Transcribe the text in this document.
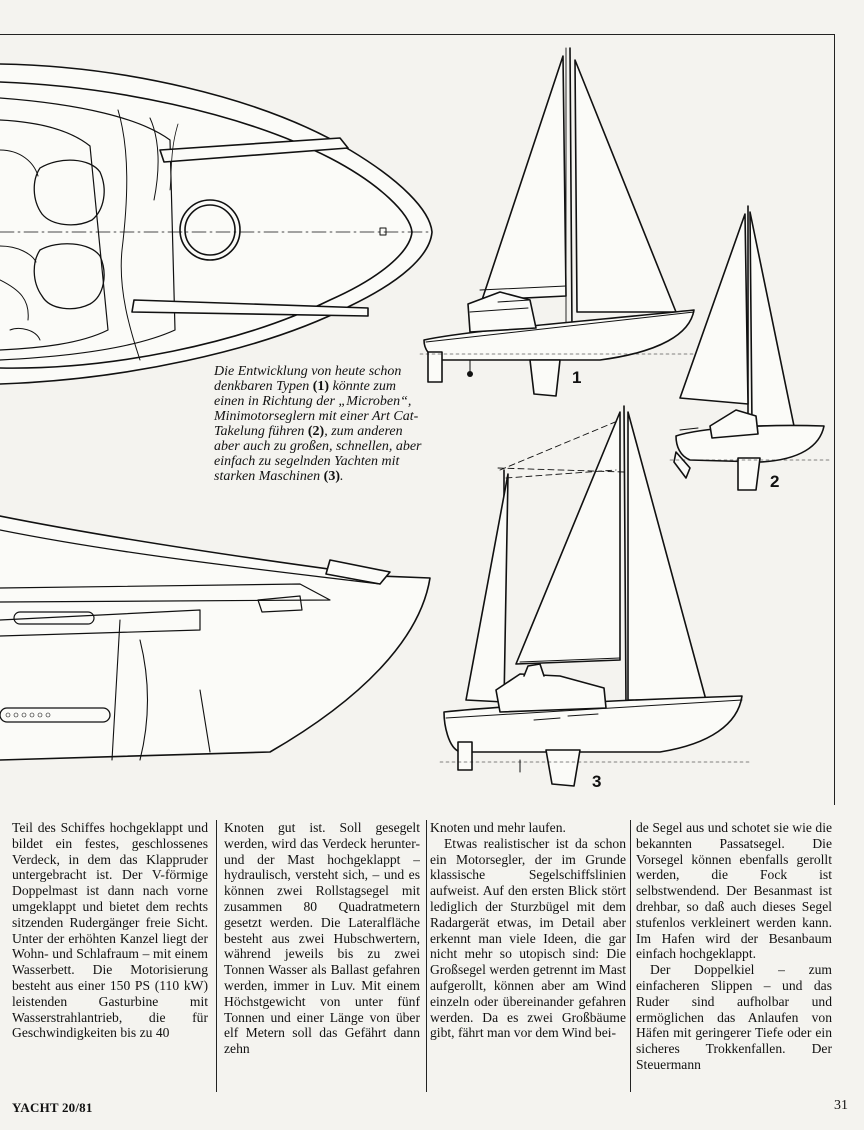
Die Entwicklung von heute schon denkbaren Typen (1) könnte zum einen in Richtung der „Microben“, Minimotorseglern mit einer Art Cat-Takelung führen (2), zum anderen aber auch zu großen, schnellen, aber einfach zu segelnden Yachten mit starken Maschinen (3).
1
2
3

Teil des Schiffes hochgeklappt und bildet ein festes, geschlossenes Verdeck, in dem das Klappruder untergebracht ist. Der V-förmige Doppelmast ist dann nach vorne umgeklappt und bietet dem rechts sitzenden Rudergänger freie Sicht. Unter der erhöhten Kanzel liegt der Wohn- und Schlafraum – mit einem Wasserbett. Die Motorisierung besteht aus einer 150 PS (110 kW) leistenden Gasturbine mit Wasserstrahlantrieb, die für Geschwindigkeiten bis zu 40

Knoten gut ist. Soll gesegelt werden, wird das Verdeck herunter- und der Mast hochgeklappt – hydraulisch, versteht sich, – und es können zwei Rollstagsegel mit zusammen 80 Quadratmetern gesetzt werden. Die Lateralfläche besteht aus zwei Hubschwertern, während jeweils bis zu zwei Tonnen Wasser als Ballast gefahren werden, immer in Luv. Mit einem Höchstgewicht von unter fünf Tonnen und einer Länge von über elf Metern soll das Gefährt dann zehn

Knoten und mehr laufen.

Etwas realistischer ist da schon ein Motorsegler, der im Grunde klassische Segelschiffslinien aufweist. Auf den ersten Blick stört lediglich der Sturzbügel mit dem Radargerät etwas, im Detail aber erkennt man viele Ideen, die gar nicht mehr so utopisch sind: Die Großsegel werden getrennt im Mast aufgerollt, können aber am Wind einzeln oder übereinander gefahren werden. Da es zwei Großbäume gibt, fährt man vor dem Wind bei-

de Segel aus und schotet sie wie die bekannten Passatsegel. Die Vorsegel können ebenfalls gerollt werden, die Fock ist selbstwendend. Der Besanmast ist drehbar, so daß auch dieses Segel stufenlos verkleinert werden kann. Im Hafen wird der Besanbaum einfach hochgeklappt.

Der Doppelkiel – zum einfacheren Slippen – und das Ruder sind aufholbar und ermöglichen das Anlaufen von Häfen mit geringerer Tiefe oder ein sicheres Trokkenfallen. Der Steuermann

YACHT 20/81	31
